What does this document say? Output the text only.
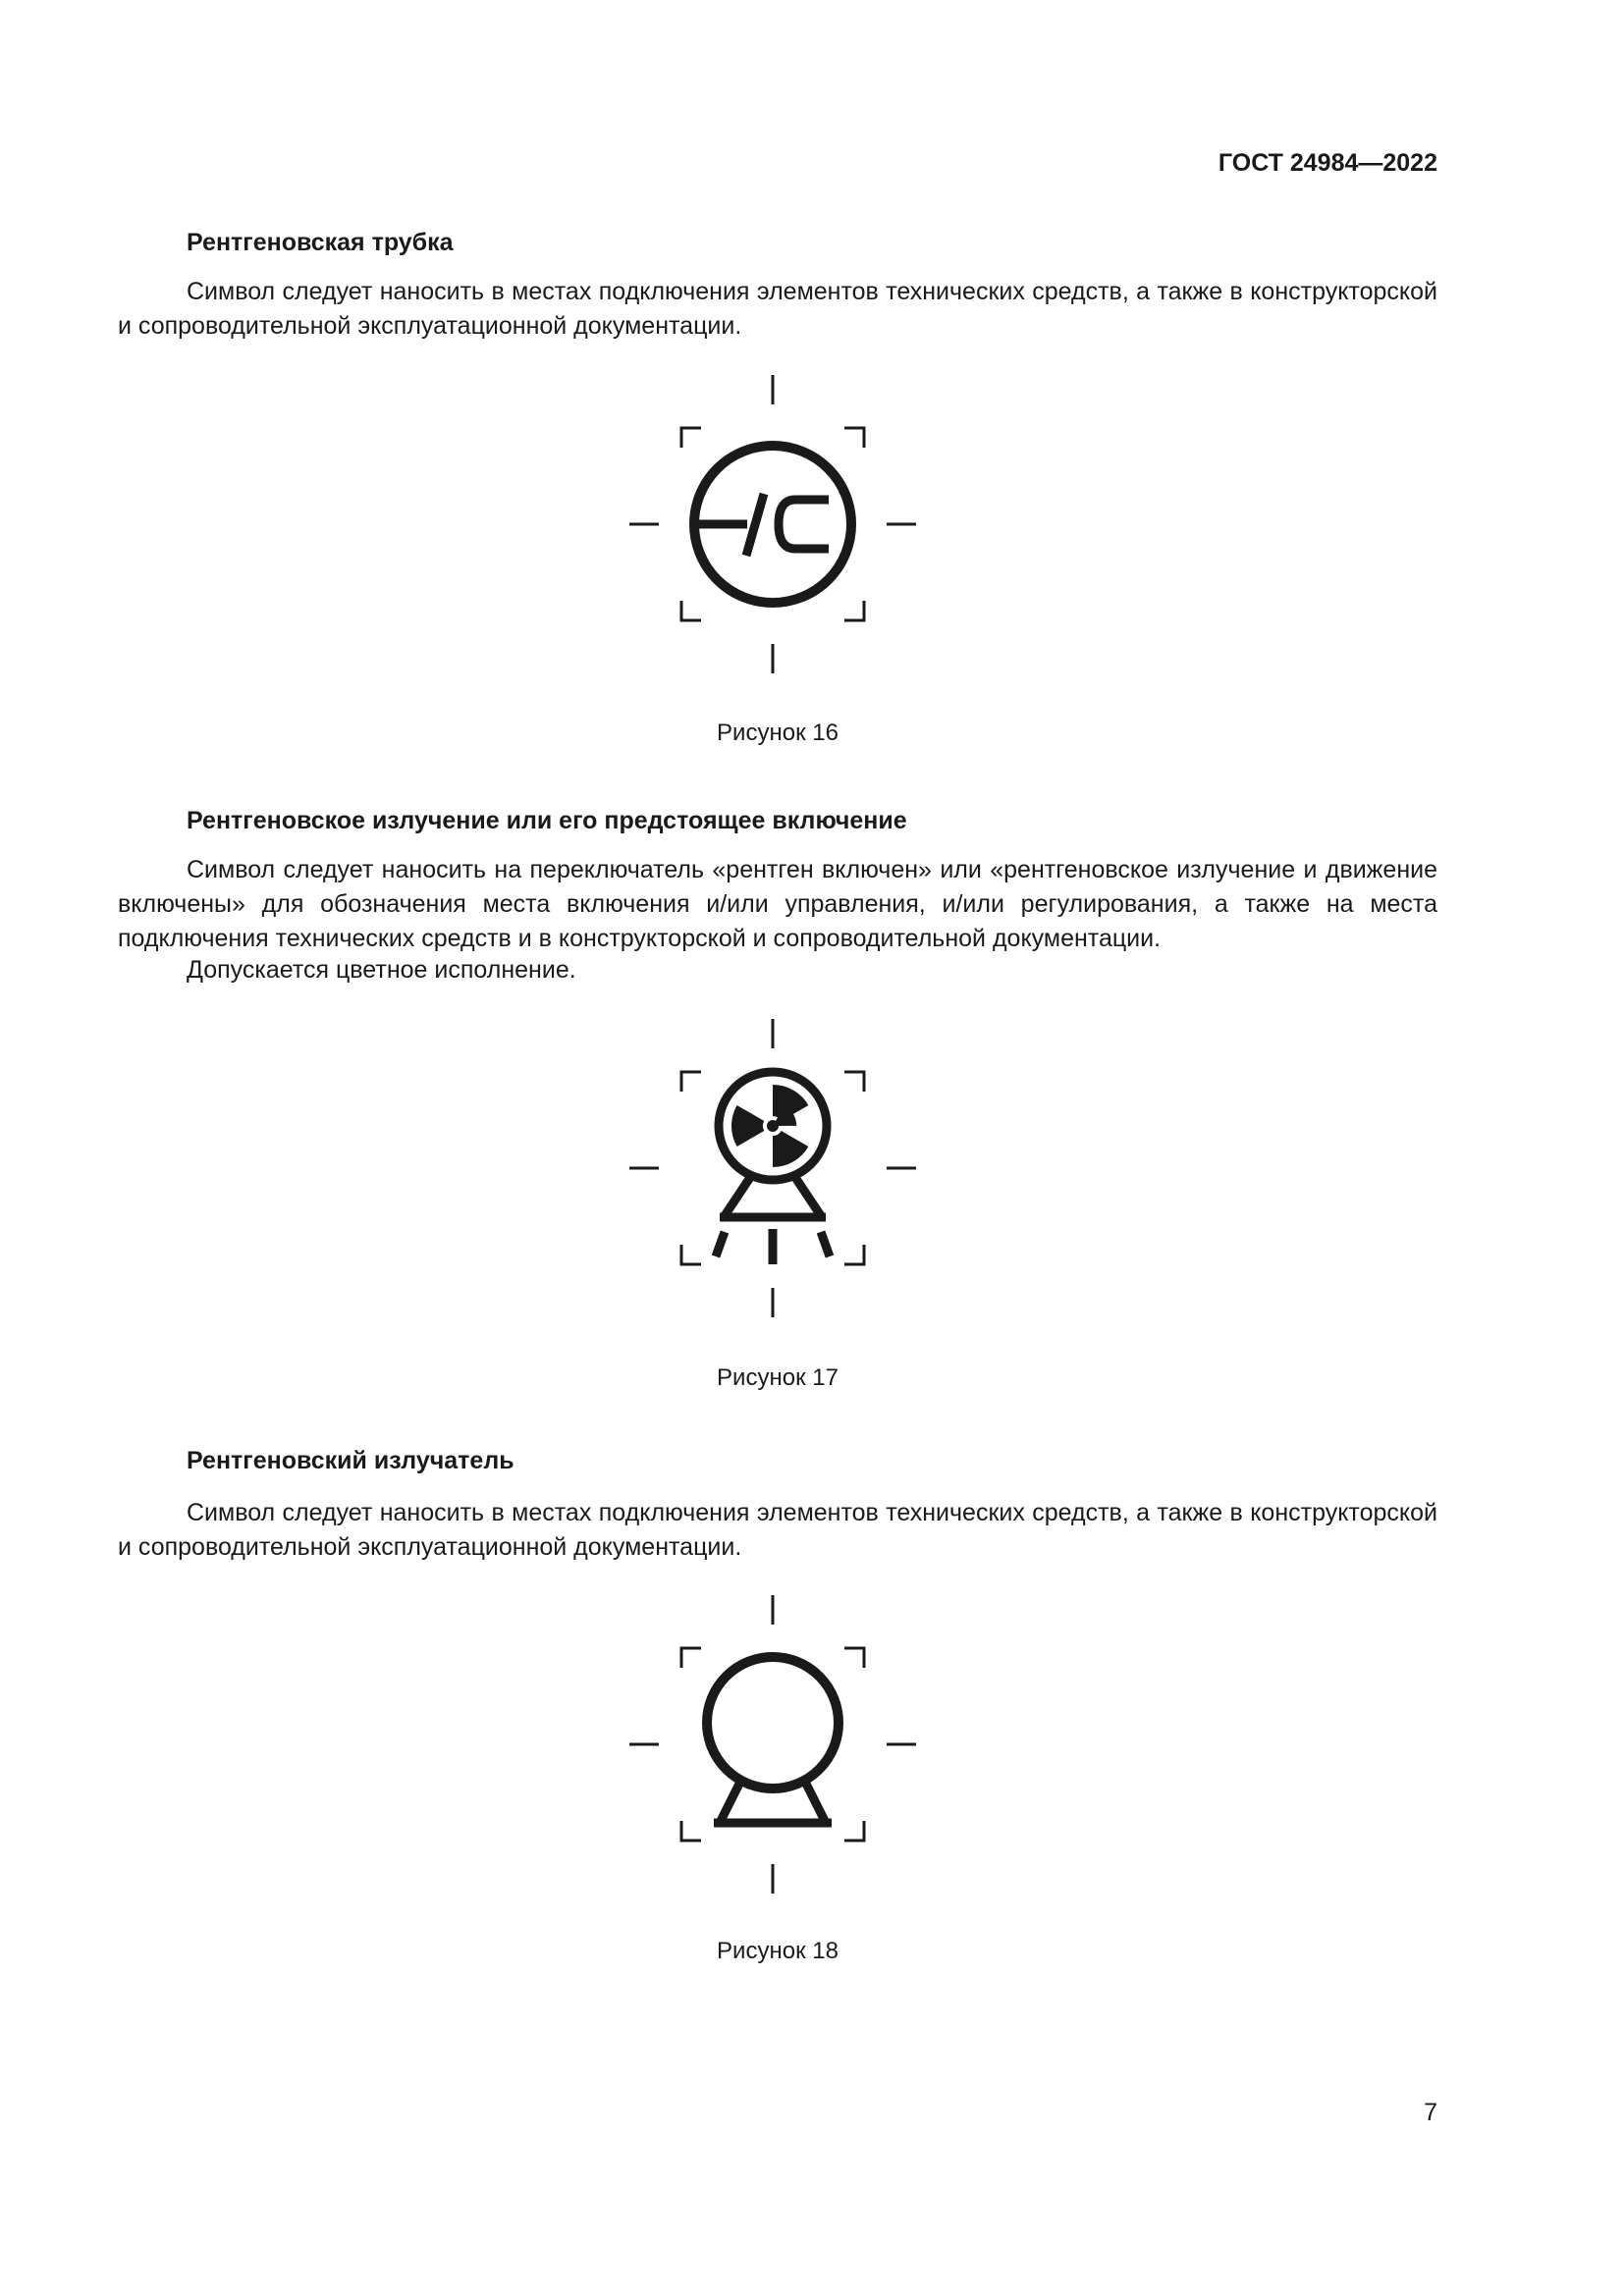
ГОСТ 24984—2022
Рентгеновская трубка
Символ следует наносить в местах подключения элементов технических средств, а также в конструкторской и сопроводительной эксплуатационной документации.
Рисунок 16
Рентгеновское излучение или его предстоящее включение
Символ следует наносить на переключатель «рентген включен» или «рентгеновское излучение и движение включены» для обозначения места включения и/или управления, и/или регулирования, а также на места подключения технических средств и в конструкторской и сопроводительной документации.
Допускается цветное исполнение.
Рисунок 17
Рентгеновский излучатель
Символ следует наносить в местах подключения элементов технических средств, а также в конструкторской и сопроводительной эксплуатационной документации.
Рисунок 18
7
